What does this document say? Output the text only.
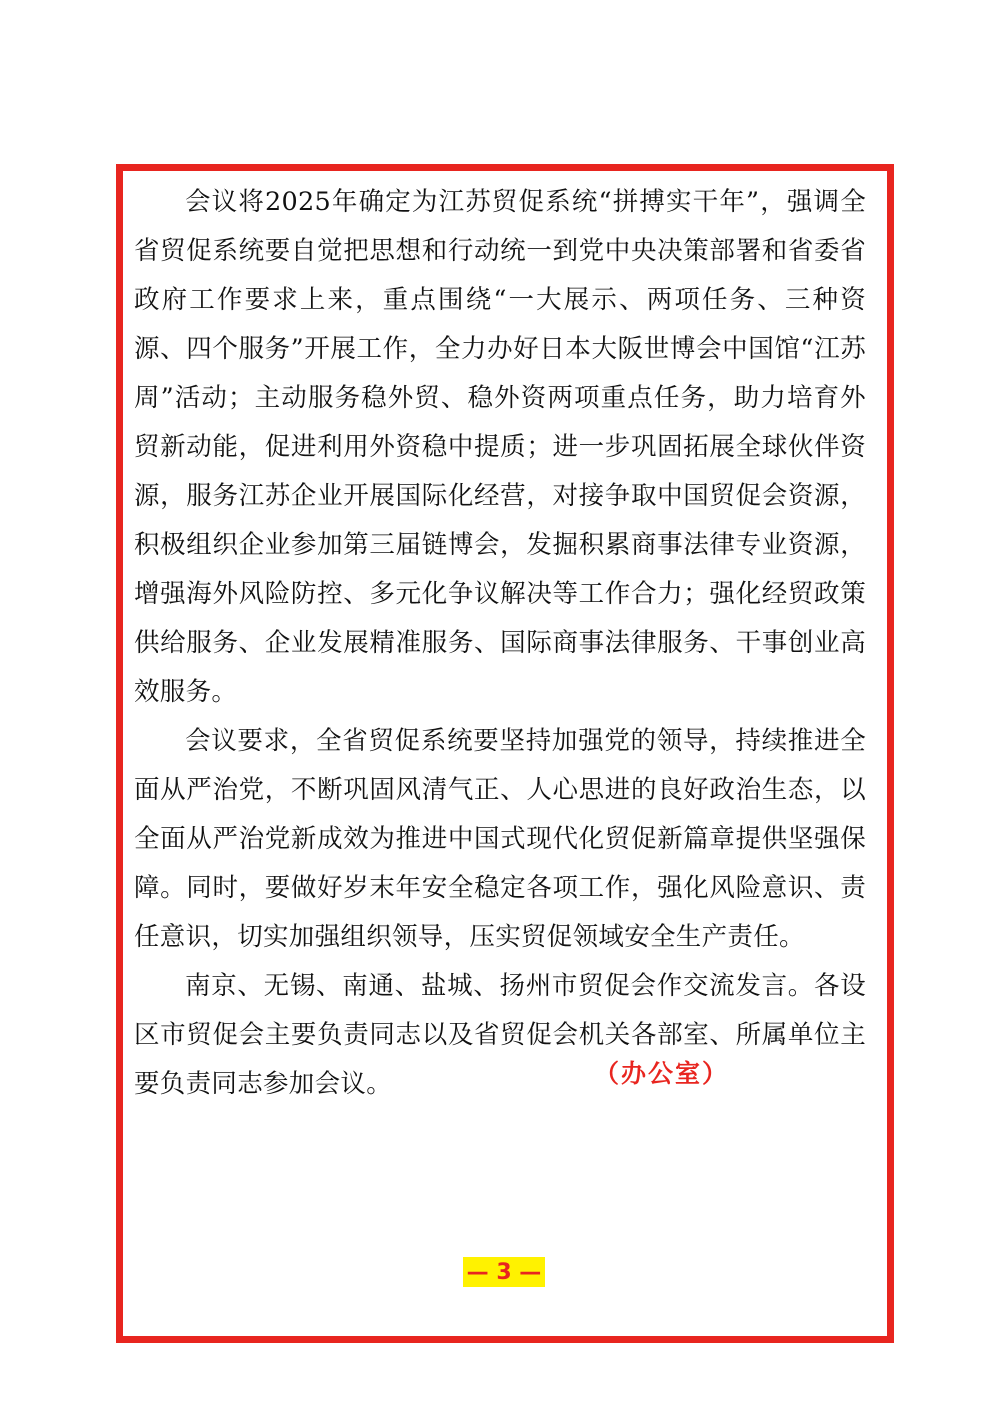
会议将2025年确定为江苏贸促系统“拼搏实干年”，强调全省贸促系统要自觉把思想和行动统一到党中央决策部署和省委省政府工作要求上来，重点围绕“一大展示、两项任务、三种资源、四个服务”开展工作，全力办好日本大阪世博会中国馆“江苏周”活动；主动服务稳外贸、稳外资两项重点任务，助力培育外贸新动能，促进利用外资稳中提质；进一步巩固拓展全球伙伴资源，服务江苏企业开展国际化经营，对接争取中国贸促会资源，积极组织企业参加第三届链博会，发掘积累商事法律专业资源，增强海外风险防控、多元化争议解决等工作合力；强化经贸政策供给服务、企业发展精准服务、国际商事法律服务、干事创业高效服务。

会议要求，全省贸促系统要坚持加强党的领导，持续推进全面从严治党，不断巩固风清气正、人心思进的良好政治生态，以全面从严治党新成效为推进中国式现代化贸促新篇章提供坚强保障。同时，要做好岁末年安全稳定各项工作，强化风险意识、责任意识，切实加强组织领导，压实贸促领域安全生产责任。

南京、无锡、南通、盐城、扬州市贸促会作交流发言。各设区市贸促会主要负责同志以及省贸促会机关各部室、所属单位主要负责同志参加会议。	（办公室）
— 3 —
